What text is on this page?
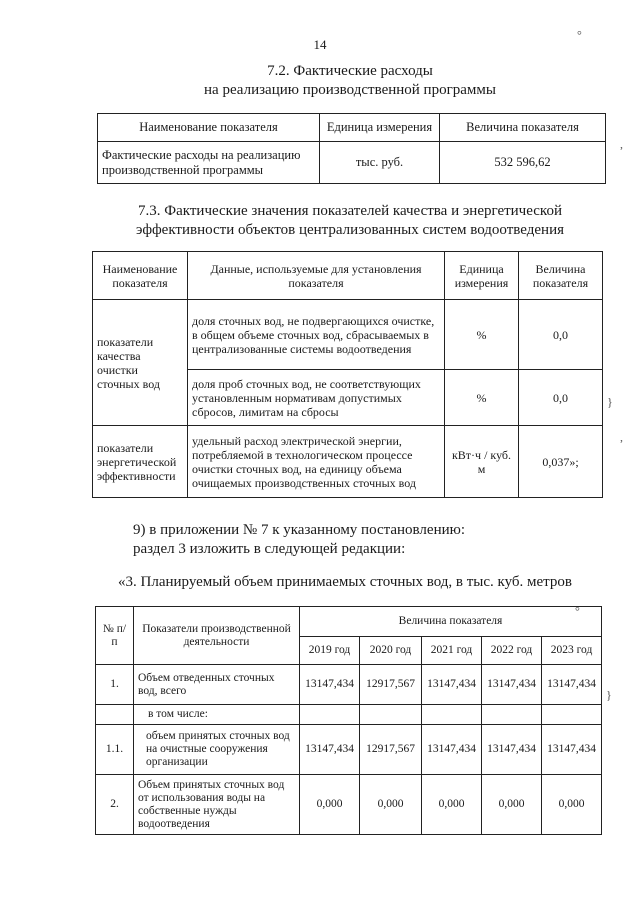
14
7.2. Фактические расходы
на реализацию производственной программы
Наименование показателя	Единица измерения	Величина показателя
Фактические расходы на реализацию производственной программы	тыс. руб.	532 596,62
7.3. Фактические значения показателей качества и энергетической
эффективности объектов централизованных систем водоотведения
Наименование показателя	Данные, используемые для установления показателя	Единица измерения	Величина показателя
показатели качества очистки сточных вод	доля сточных вод, не подвергающихся очистке, в общем объеме сточных вод, сбрасываемых в централизованные системы водоотведения	%	0,0
	доля проб сточных вод, не соответствующих установленным нормативам допустимых сбросов, лимитам на сбросы	%	0,0
показатели энергетической эффективности	удельный расход электрической энергии, потребляемой в технологическом процессе очистки сточных вод, на единицу объема очищаемых производственных сточных вод	кВт·ч / куб. м	0,037»;
9) в приложении № 7 к указанному постановлению:
раздел 3 изложить в следующей редакции:
«3. Планируемый объем принимаемых сточных вод, в тыс. куб. метров
№ п/п	Показатели производственной деятельности	Величина показателя				
		2019 год	2020 год	2021 год	2022 год	2023 год
1.	Объем отведенных сточных вод, всего	13147,434	12917,567	13147,434	13147,434	13147,434
	в том числе:					
1.1.	объем принятых сточных вод на очистные сооружения организации	13147,434	12917,567	13147,434	13147,434	13147,434
2.	Объем принятых сточных вод от использования воды на собственные нужды водоотведения	0,000	0,000	0,000	0,000	0,000
°
,
}
,
°
}
